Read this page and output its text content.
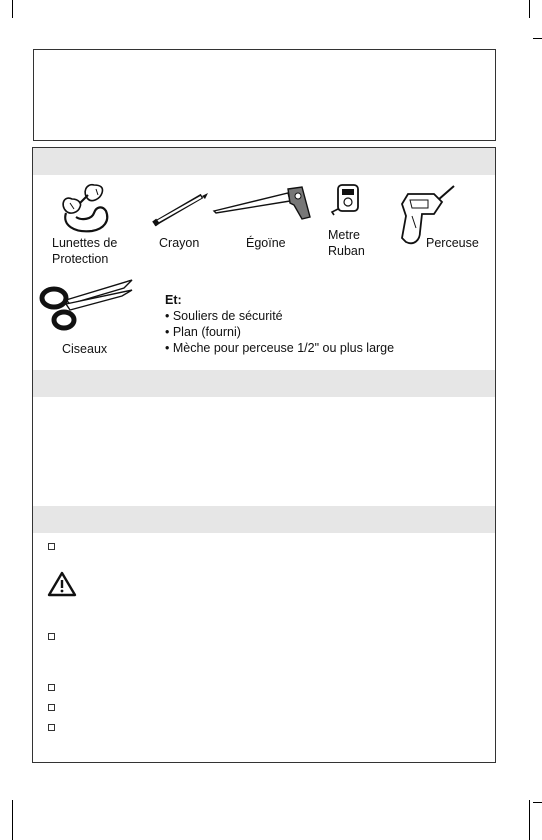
Lunettes de
Protection
Crayon	Égoïne
Metre
Ruban
Perceuse
Ciseaux
Et:
• Souliers de sécurité
• Plan (fourni)
• Mèche pour perceuse 1/2" ou plus large
